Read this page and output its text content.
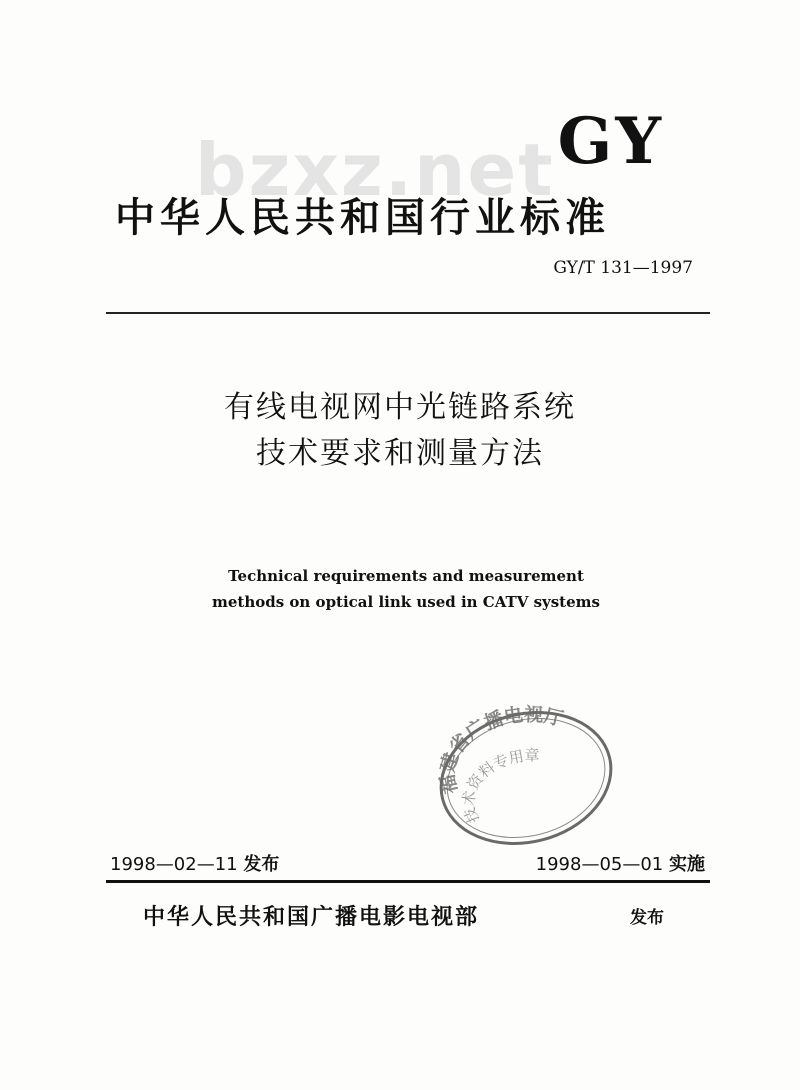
bzxz.net GY
中华人民共和国行业标准
GY/T 131—1997
有线电视网中光链路系统
技术要求和测量方法
Technical requirements and measurement
methods on optical link used in CATV systems
福建省广播电视厅
技术资料专用章
1998—02—11 发布	1998—05—01 实施
中华人民共和国广播电影电视部	发布
